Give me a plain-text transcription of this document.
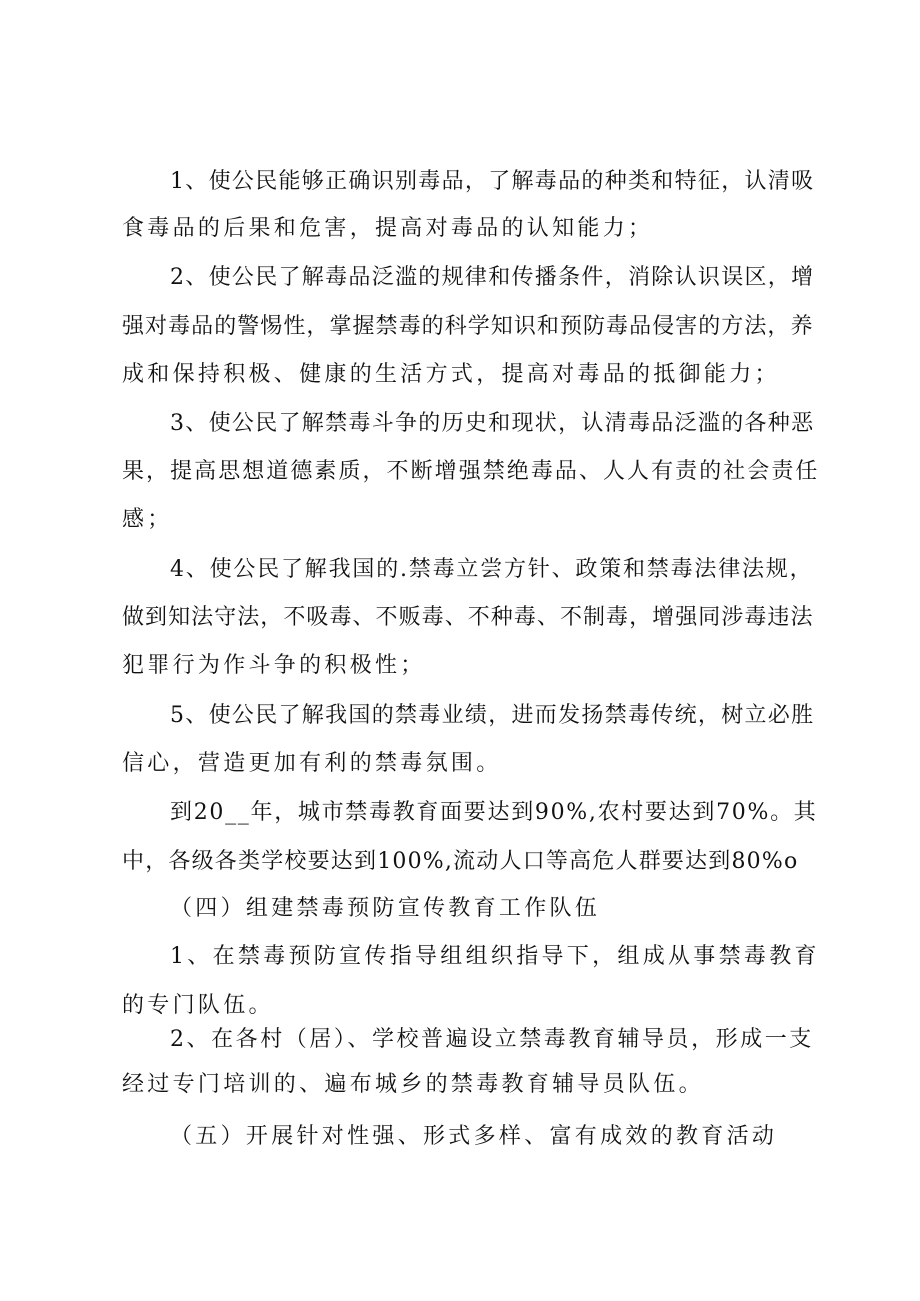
1、使公民能够正确识别毒品，了解毒品的种类和特征，认清吸
食毒品的后果和危害，提高对毒品的认知能力；
2、使公民了解毒品泛滥的规律和传播条件，消除认识误区，增
强对毒品的警惕性，掌握禁毒的科学知识和预防毒品侵害的方法，养
成和保持积极、健康的生活方式，提高对毒品的抵御能力；
3、使公民了解禁毒斗争的历史和现状，认清毒品泛滥的各种恶
果，提高思想道德素质，不断增强禁绝毒品、人人有责的社会责任
感；
4、使公民了解我国的.禁毒立尝方针、政策和禁毒法律法规，
做到知法守法，不吸毒、不贩毒、不种毒、不制毒，增强同涉毒违法
犯罪行为作斗争的积极性；
5、使公民了解我国的禁毒业绩，进而发扬禁毒传统，树立必胜
信心，营造更加有利的禁毒氛围。
到20__年，城市禁毒教育面要达到90%,农村要达到70%。其
中，各级各类学校要达到100%,流动人口等高危人群要达到80%o
（四）组建禁毒预防宣传教育工作队伍
1、在禁毒预防宣传指导组组织指导下，组成从事禁毒教育
的专门队伍。
2、在各村（居）、学校普遍设立禁毒教育辅导员，形成一支
经过专门培训的、遍布城乡的禁毒教育辅导员队伍。
（五）开展针对性强、形式多样、富有成效的教育活动
